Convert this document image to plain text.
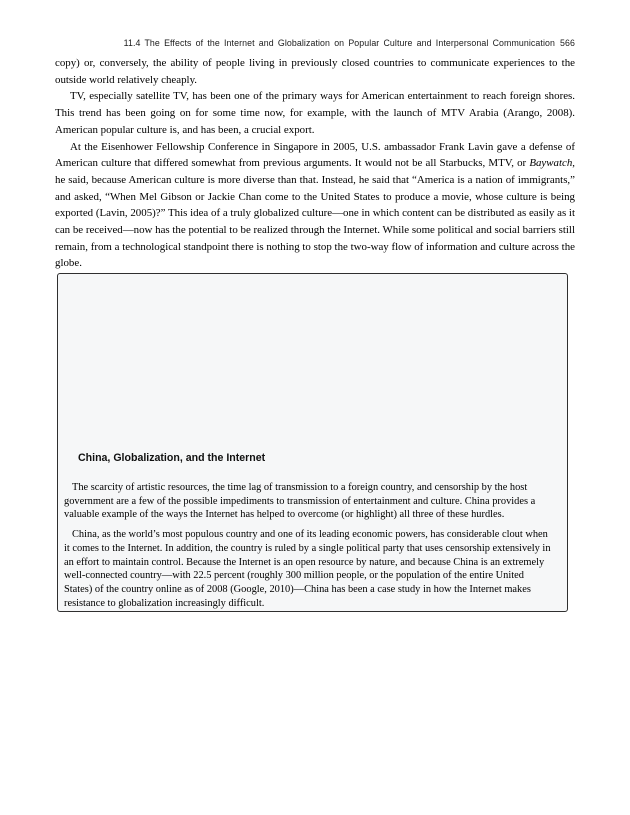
11.4 The Effects of the Internet and Globalization on Popular Culture and Interpersonal Communication 566

copy) or, conversely, the ability of people living in previously closed countries to communicate experiences to the outside world relatively cheaply.

TV, especially satellite TV, has been one of the primary ways for American entertainment to reach foreign shores. This trend has been going on for some time now, for example, with the launch of MTV Arabia (Arango, 2008). American popular culture is, and has been, a crucial export.

At the Eisenhower Fellowship Conference in Singapore in 2005, U.S. ambassador Frank Lavin gave a defense of American culture that differed somewhat from previous arguments. It would not be all Starbucks, MTV, or Baywatch, he said, because American culture is more diverse than that. Instead, he said that “America is a nation of immigrants,” and asked, “When Mel Gibson or Jackie Chan come to the United States to produce a movie, whose culture is being exported (Lavin, 2005)?” This idea of a truly globalized culture—one in which content can be distributed as easily as it can be received—now has the potential to be realized through the Internet. While some political and social barriers still remain, from a technological standpoint there is nothing to stop the two-way flow of information and culture across the globe.

China, Globalization, and the Internet

The scarcity of artistic resources, the time lag of transmission to a foreign country, and censorship by the host government are a few of the possible impediments to transmission of entertainment and culture. China provides a valuable example of the ways the Internet has helped to overcome (or highlight) all three of these hurdles.

China, as the world’s most populous country and one of its leading economic powers, has considerable clout when it comes to the Internet. In addition, the country is ruled by a single political party that uses censorship extensively in an effort to maintain control. Because the Internet is an open resource by nature, and because China is an extremely well-connected country—with 22.5 percent (roughly 300 million people, or the population of the entire United States) of the country online as of 2008 (Google, 2010)—China has been a case study in how the Internet makes resistance to globalization increasingly difficult.
